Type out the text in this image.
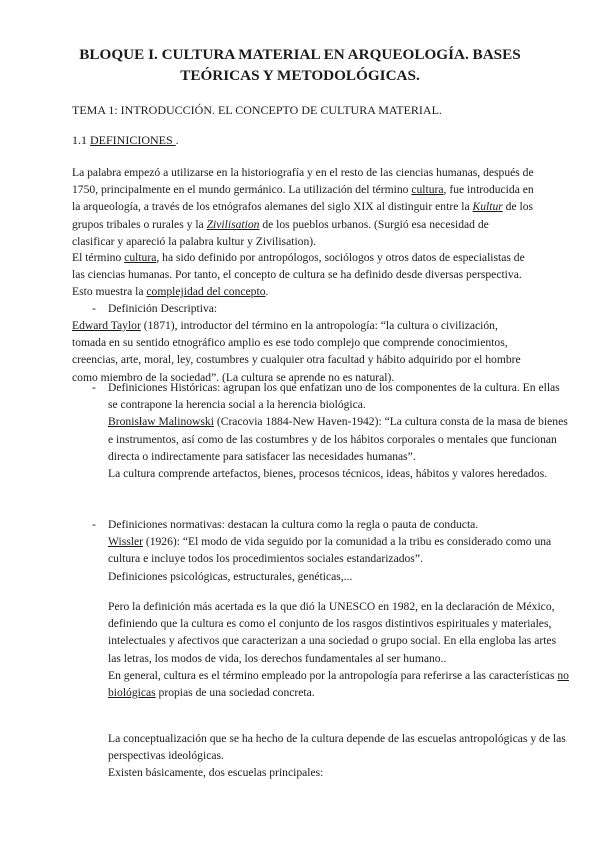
BLOQUE I. CULTURA MATERIAL EN ARQUEOLOGÍA. BASES TEÓRICAS Y METODOLÓGICAS.

TEMA 1: INTRODUCCIÓN. EL CONCEPTO DE CULTURA MATERIAL.

1.1 DEFINICIONES .

La palabra empezó a utilizarse en la historiografía y en el resto de las ciencias humanas, después de 1750, principalmente en el mundo germánico. La utilización del término cultura, fue introducida en la arqueología, a través de los etnógrafos alemanes del siglo XIX al distinguir entre la Kultur de los grupos tribales o rurales y la Zivilisation de los pueblos urbanos. (Surgió esa necesidad de clasificar y apareció la palabra kultur y Zivilisation).

El término cultura, ha sido definido por antropólogos, sociólogos y otros datos de especialistas de las ciencias humanas. Por tanto, el concepto de cultura se ha definido desde diversas perspectiva. Esto muestra la complejidad del concepto.

-	Definición Descriptiva:

Edward Taylor (1871), introductor del término en la antropología: “la cultura o civilización, tomada en su sentido etnográfico amplio es ese todo complejo que comprende conocimientos, creencias, arte, moral, ley, costumbres y cualquier otra facultad y hábito adquirido por el hombre como miembro de la sociedad”. (La cultura se aprende no es natural).

- Definiciones Históricas: agrupan los que enfatizan uno de los componentes de la cultura. En ellas se contrapone la herencia social a la herencia biológica.

Bronisław Malinowski (Cracovia 1884-New Haven-1942): “La cultura consta de la masa de bienes e instrumentos, así como de las costumbres y de los hábitos corporales o mentales que funcionan directa o indirectamente para satisfacer las necesidades humanas”.

La cultura comprende artefactos, bienes, procesos técnicos, ideas, hábitos y valores heredados.

- Definiciones normativas: destacan la cultura como la regla o pauta de conducta.

Wissler (1926): “El modo de vida seguido por la comunidad a la tribu es considerado como una cultura e incluye todos los procedimientos sociales estandarizados”.

Definiciones psicológicas, estructurales, genéticas,...

Pero la definición más acertada es la que dió la UNESCO en 1982, en la declaración de México, definiendo que la cultura es como el conjunto de los rasgos distintivos espirituales y materiales, intelectuales y afectivos que caracterizan a una sociedad o grupo social. En ella engloba las artes las letras, los modos de vida, los derechos fundamentales al ser humano..

En general, cultura es el término empleado por la antropología para referirse a las características no biológicas propias de una sociedad concreta.

La conceptualización que se ha hecho de la cultura depende de las escuelas antropológicas y de las perspectivas ideológicas.

Existen básicamente, dos escuelas principales:
